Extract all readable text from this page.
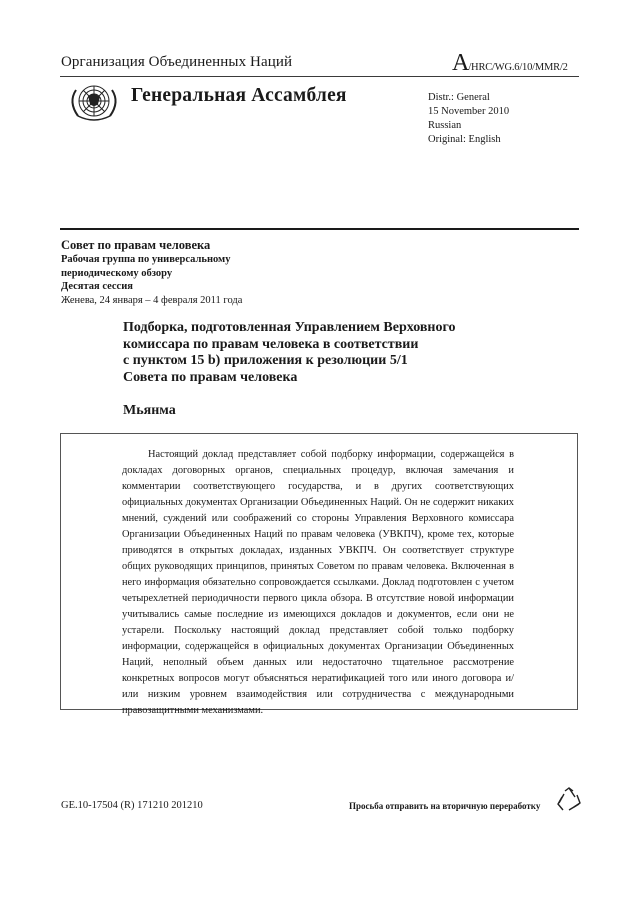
Организация Объединенных Наций	A/HRC/WG.6/10/MMR/2
Генеральная Ассамблея	Distr.: General
15 November 2010
Russian
Original: English
Совет по правам человека
Рабочая группа по универсальному
периодическому обзору
Десятая сессия
Женева, 24 января – 4 февраля 2011 года
Подборка, подготовленная Управлением Верховного
комиссара по правам человека в соответствии
с пунктом 15 b) приложения к резолюции 5/1
Совета по правам человека
Мьянма

Настоящий доклад представляет собой подборку информации, содержащейся в докладах договорных органов, специальных процедур, включая замечания и комментарии соответствующего государства, и в других соответствующих официальных документах Организации Объединенных Наций. Он не содержит никаких мнений, суждений или соображений со стороны Управления Верховного комиссара Организации Объединенных Наций по правам человека (УВКПЧ), кроме тех, которые приводятся в открытых докладах, изданных УВКПЧ. Он соответствует структуре общих руководящих принципов, принятых Советом по правам человека. Включенная в него информация обязательно сопровождается ссылками. Доклад подготовлен с учетом четырехлетней периодичности первого цикла обзора. В отсутствие новой информации учитывались самые последние из имеющихся докладов и документов, если они не устарели. Поскольку настоящий доклад представляет собой только подборку информации, содержащейся в официальных документах Организации Объединенных Наций, неполный объем данных или недостаточно тщательное рассмотрение конкретных вопросов могут объясняться нератификацией того или иного договора и/или низким уровнем взаимодействия или сотрудничества с международными правозащитными механизмами.

GE.10-17504 (R) 171210 201210	Просьба отправить на вторичную переработку
